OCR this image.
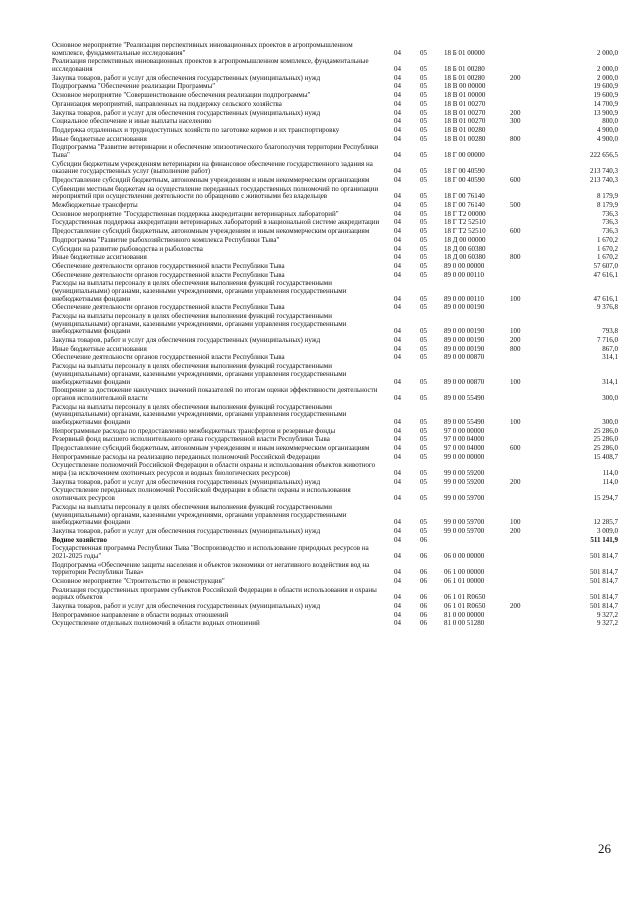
Основное мероприятие "Реализация перспективных инновационных проектов в агропромышленном комплексе, фундаментальные исследования"	04	05	18 Б 01 00000	2 000,0
Реализация перспективных инновационных проектов в агропромышленном комплексе, фундаментальные исследования	04	05	18 Б 01 00280	2 000,0
Закупка товаров, работ и услуг для обеспечения государственных (муниципальных) нужд	04	05	18 Б 01 00280	200	2 000,0
Подпрограмма "Обеспечение реализации Программы"	04	05	18 В 00 00000	19 600,9
Основное мероприятие "Совершенствование обеспечения реализации подпрограммы"	04	05	18 В 01 00000	19 600,9
Организация мероприятий, направленных на поддержку сельского хозяйства	04	05	18 В 01 00270	14 700,9
Закупка товаров, работ и услуг для обеспечения государственных (муниципальных) нужд	04	05	18 В 01 00270	200	13 900,9
Социальное обеспечение и иные выплаты населению	04	05	18 В 01 00270	300	800,0
Поддержка отдаленных и труднодоступных хозяйств по заготовке кормов и их транспортировку	04	05	18 В 01 00280	4 900,0
Иные бюджетные ассигнования	04	05	18 В 01 00280	800	4 900,0
Подпрограмма "Развитие ветеринарии и обеспечение эпизоотического благополучия территории Республики Тыва"	04	05	18 Г 00 00000	222 656,5
Субсидии бюджетным учреждениям ветеринарии на финансовое обеспечение государственного задания на оказание государственных услуг (выполнение работ)	04	05	18 Г 00 40590	213 740,3
Предоставление субсидий бюджетным, автономным учреждениям и иным некоммерческим организациям	04	05	18 Г 00 40590	600	213 740,3
Субвенции местным бюджетам на осуществление переданных государственных полномочий по организации мероприятий при осуществлении деятельности по обращению с животными без владельцев	04	05	18 Г 00 76140	8 179,9
Межбюджетные трансферты	04	05	18 Г 00 76140	500	8 179,9
Основное мероприятие "Государственная поддержка аккредитации ветеринарных лабораторий"	04	05	18 Г Т2 00000	736,3
Государственная поддержка аккредитации ветеринарных лабораторий в национальной системе аккредитации	04	05	18 Г Т2 52510	736,3
Предоставление субсидий бюджетным, автономным учреждениям и иным некоммерческим организациям	04	05	18 Г Т2 52510	600	736,3
Подпрограмма "Развитие рыбохозяйственного комплекса Республики Тыва"	04	05	18 Д 00 00000	1 670,2
Субсидии на развитие рыбоводства и рыболовства	04	05	18 Д 00 60380	1 670,2
Иные бюджетные ассигнования	04	05	18 Д 00 60380	800	1 670,2
Обеспечение деятельности органов государственной власти Республики Тыва	04	05	89 0 00 00000	57 607,0
Обеспечение деятельности органов государственной власти Республики Тыва	04	05	89 0 00 00110	47 616,1
Расходы на выплаты персоналу в целях обеспечения выполнения функций государственными (муниципальными) органами, казенными учреждениями, органами управления государственными внебюджетными фондами	04	05	89 0 00 00110	100	47 616,1
Обеспечение деятельности органов государственной власти Республики Тыва	04	05	89 0 00 00190	9 376,8
Расходы на выплаты персоналу в целях обеспечения выполнения функций государственными (муниципальными) органами, казенными учреждениями, органами управления государственными внебюджетными фондами	04	05	89 0 00 00190	100	793,8
Закупка товаров, работ и услуг для обеспечения государственных (муниципальных) нужд	04	05	89 0 00 00190	200	7 716,0
Иные бюджетные ассигнования	04	05	89 0 00 00190	800	867,0
Обеспечение деятельности органов государственной власти Республики Тыва	04	05	89 0 00 00870	314,1
Расходы на выплаты персоналу в целях обеспечения выполнения функций государственными (муниципальными) органами, казенными учреждениями, органами управления государственными внебюджетными фондами	04	05	89 0 00 00870	100	314,1
Поощрение за достижение наилучших значений показателей по итогам оценки эффективности деятельности органов исполнительной власти	04	05	89 0 00 55490	300,0
Расходы на выплаты персоналу в целях обеспечения выполнения функций государственными (муниципальными) органами, казенными учреждениями, органами управления государственными внебюджетными фондами	04	05	89 0 00 55490	100	300,0
Непрограммные расходы по предоставлению межбюджетных трансфертов и резервные фонды	04	05	97 0 00 00000	25 286,0
Резервный фонд высшего исполнительного органа государственной власти Республики Тыва	04	05	97 0 00 04000	25 286,0
Предоставление субсидий бюджетным, автономным учреждениям и иным некоммерческим организациям	04	05	97 0 00 04000	600	25 286,0
Непрограммные расходы на реализацию переданных полномочий Российской Федерации	04	05	99 0 00 00000	15 408,7
Осуществление полномочий Российской Федерации в области охраны и использования объектов животного мира (за исключением охотничьих ресурсов и водных биологических ресурсов)	04	05	99 0 00 59200	114,0
Закупка товаров, работ и услуг для обеспечения государственных (муниципальных) нужд	04	05	99 0 00 59200	200	114,0
Осуществление переданных полномочий Российской Федерации в области охраны и использования охотничьих ресурсов	04	05	99 0 00 59700	15 294,7
Расходы на выплаты персоналу в целях обеспечения выполнения функций государственными (муниципальными) органами, казенными учреждениями, органами управления государственными внебюджетными фондами	04	05	99 0 00 59700	100	12 285,7
Закупка товаров, работ и услуг для обеспечения государственных (муниципальных) нужд	04	05	99 0 00 59700	200	3 009,0
Водное хозяйство	04	06	511 141,9
Государственная программа Республики Тыва "Воспроизводство и использование природных ресурсов на 2021-2025 годы"	04	06	06 0 00 00000	501 814,7
Подпрограмма «Обеспечение защиты населения и объектов экономики от негативного воздействия вод на территории Республики Тыва»	04	06	06 1 00 00000	501 814,7
Основное мероприятие "Строительство и реконструкция"	04	06	06 1 01 00000	501 814,7
Реализация государственных программ субъектов Российской Федерации в области использования и охраны водных объектов	04	06	06 1 01 R0650	501 814,7
Закупка товаров, работ и услуг для обеспечения государственных (муниципальных) нужд	04	06	06 1 01 R0650	200	501 814,7
Непрограммное направление в области водных отношений	04	06	81 0 00 00000	9 327,2
Осуществление отдельных полномочий в области водных отношений	04	06	81 0 00 51280	9 327,2
26
